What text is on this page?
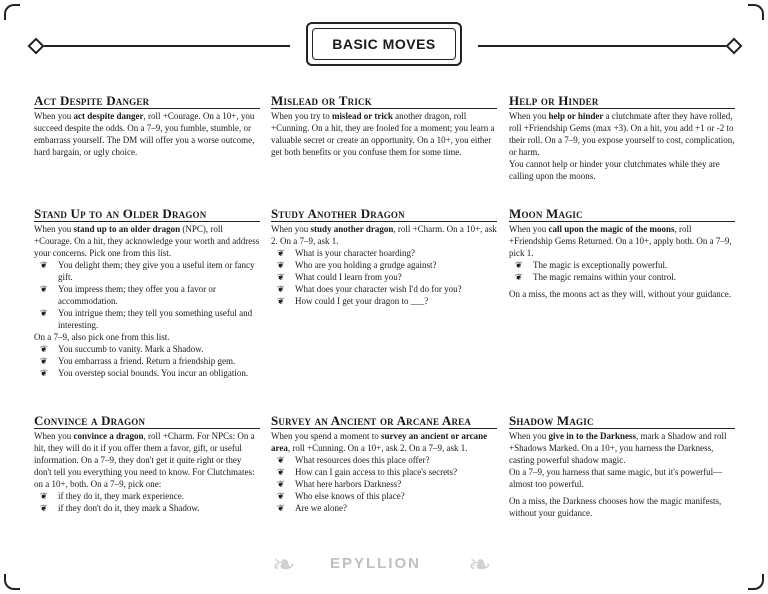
BASIC MOVES
Act Despite Danger

When you act despite danger, roll +Courage. On a 10+, you succeed despite the odds. On a 7–9, you fumble, stumble, or embarrass yourself. The DM will offer you a worse outcome, hard bargain, or ugly choice.

Mislead or Trick

When you try to mislead or trick another dragon, roll +Cunning. On a hit, they are fooled for a moment; you learn a valuable secret or create an opportunity. On a 10+, you either get both benefits or you confuse them for some time.

Help or Hinder

When you help or hinder a clutchmate after they have rolled, roll +Friendship Gems (max +3). On a hit, you add +1 or -2 to their roll. On a 7–9, you expose yourself to cost, complication, or harm.

You cannot help or hinder your clutchmates while they are calling upon the moons.

Stand Up to an Older Dragon

When you stand up to an older dragon (NPC), roll +Courage. On a hit, they acknowledge your worth and address your concerns. Pick one from this list.

❦ You delight them; they give you a useful item or fancy gift.
❦ You impress them; they offer you a favor or accommodation.
❦ You intrigue them; they tell you something useful and interesting.

On a 7–9, also pick one from this list.

❦ You succumb to vanity. Mark a Shadow.
❦ You embarrass a friend. Return a friendship gem.
❦ You overstep social bounds. You incur an obligation.
Study Another Dragon

When you study another dragon, roll +Charm. On a 10+, ask 2. On a 7–9, ask 1.

❦ What is your character hoarding?
❦ Who are you holding a grudge against?
❦ What could I learn from you?
❦ What does your character wish I'd do for you?
❦ How could I get your dragon to ___?
Moon Magic

When you call upon the magic of the moons, roll +Friendship Gems Returned. On a 10+, apply both. On a 7–9, pick 1.

❦ The magic is exceptionally powerful.
❦ The magic remains within your control.

On a miss, the moons act as they will, without your guidance.

Convince a Dragon

When you convince a dragon, roll +Charm. For NPCs: On a hit, they will do it if you offer them a favor, gift, or useful information. On a 7–9, they don't get it quite right or they don't tell you everything you need to know. For Clutchmates:

on a 10+, both. On a 7–9, pick one:

❦ if they do it, they mark experience.
❦ if they don't do it, they mark a Shadow.
Survey an Ancient or Arcane Area

When you spend a moment to survey an ancient or arcane area, roll +Cunning. On a 10+, ask 2. On a 7–9, ask 1.

❦ What resources does this place offer?
❦ How can I gain access to this place's secrets?
❦ What here harbors Darkness?
❦ Who else knows of this place?
❦ Are we alone?
Shadow Magic

When you give in to the Darkness, mark a Shadow and roll +Shadows Marked. On a 10+, you harness the Darkness, casting powerful shadow magic.

On a 7–9, you harness that same magic, but it's powerful—almost too powerful.

On a miss, the Darkness chooses how the magic manifests, without your guidance.

❧ EPYLLION ❧
